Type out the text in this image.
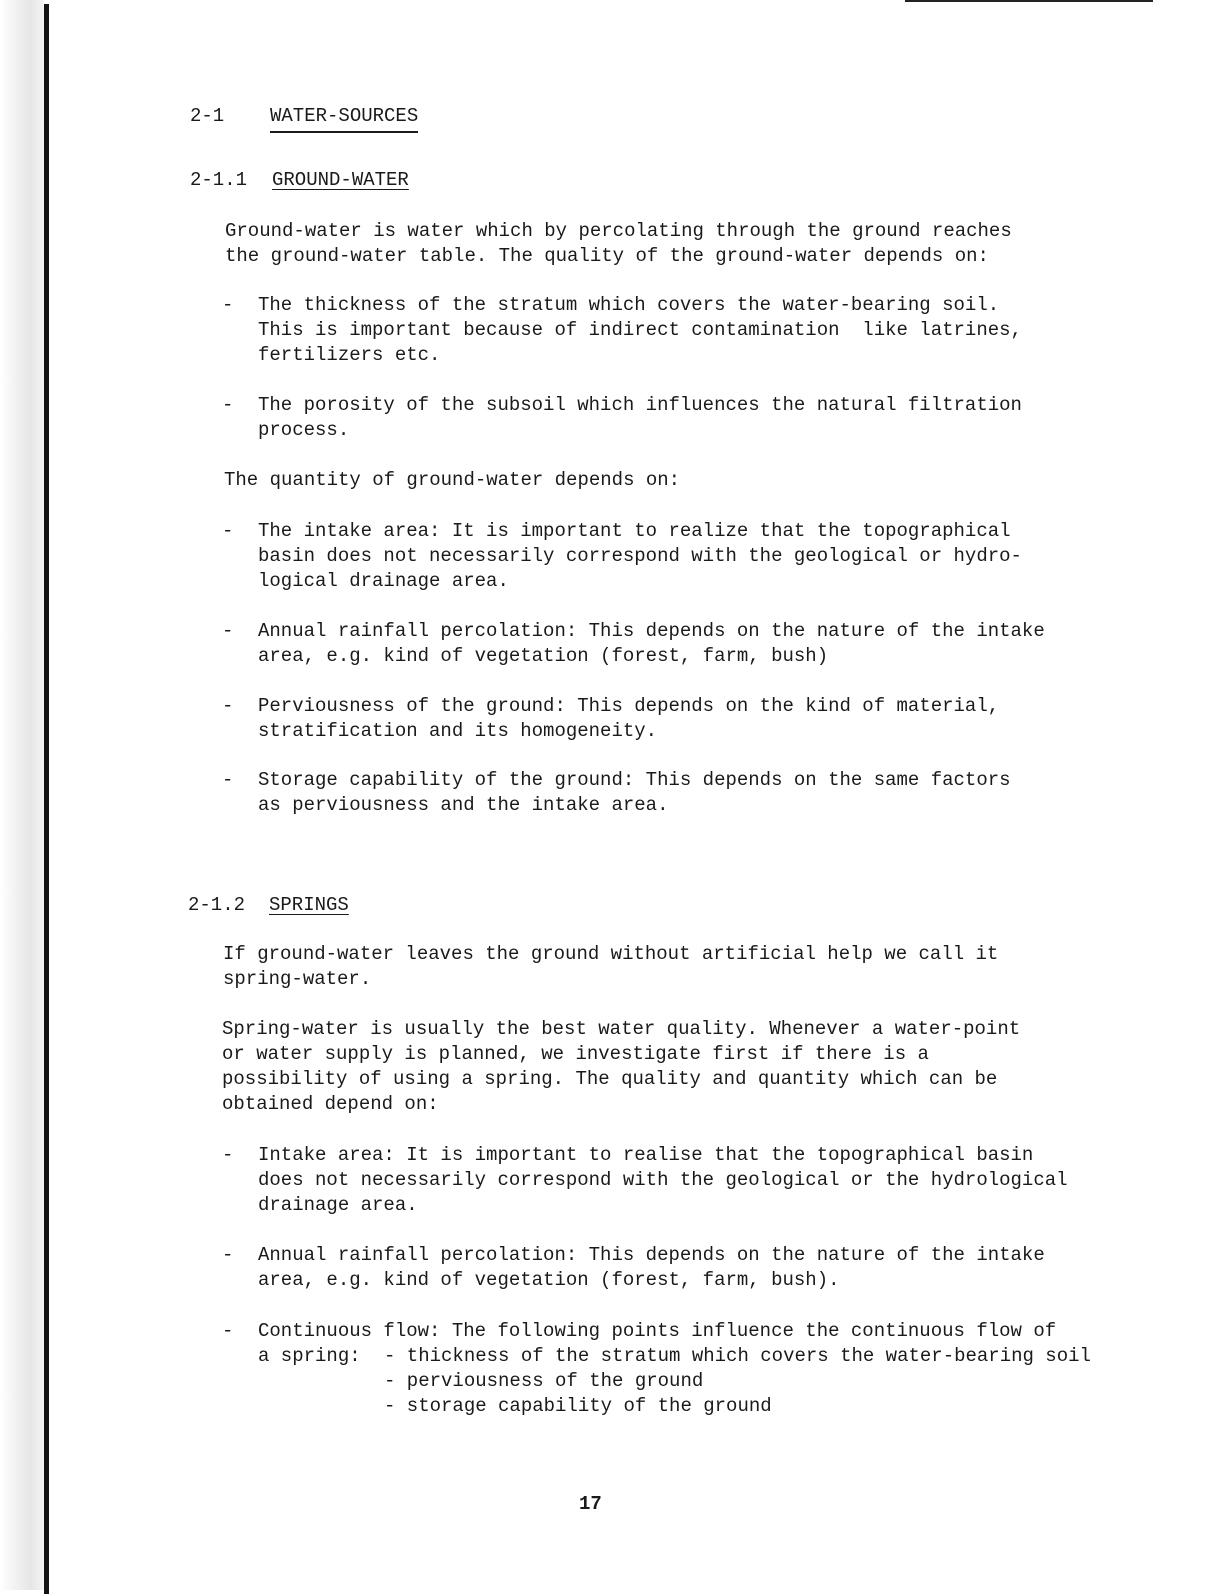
2-1 WATER-SOURCES
2-1.1 GROUND-WATER
Ground-water is water which by percolating through the ground reaches
the ground-water table. The quality of the ground-water depends on:
- The thickness of the stratum which covers the water-bearing soil.
This is important because of indirect contamination  like latrines,
fertilizers etc.
- The porosity of the subsoil which influences the natural filtration
process.
The quantity of ground-water depends on:
- The intake area: It is important to realize that the topographical
basin does not necessarily correspond with the geological or hydro-
logical drainage area.
- Annual rainfall percolation: This depends on the nature of the intake
area, e.g. kind of vegetation (forest, farm, bush)
- Perviousness of the ground: This depends on the kind of material,
stratification and its homogeneity.
- Storage capability of the ground: This depends on the same factors
as perviousness and the intake area.
2-1.2 SPRINGS
If ground-water leaves the ground without artificial help we call it
spring-water.
Spring-water is usually the best water quality. Whenever a water-point
or water supply is planned, we investigate first if there is a
possibility of using a spring. The quality and quantity which can be
obtained depend on:
- Intake area: It is important to realise that the topographical basin
does not necessarily correspond with the geological or the hydrological
drainage area.
- Annual rainfall percolation: This depends on the nature of the intake
area, e.g. kind of vegetation (forest, farm, bush).
- Continuous flow: The following points influence the continuous flow of
a spring:	- thickness of the stratum which covers the water-bearing soil
- perviousness of the ground
- storage capability of the ground
17
